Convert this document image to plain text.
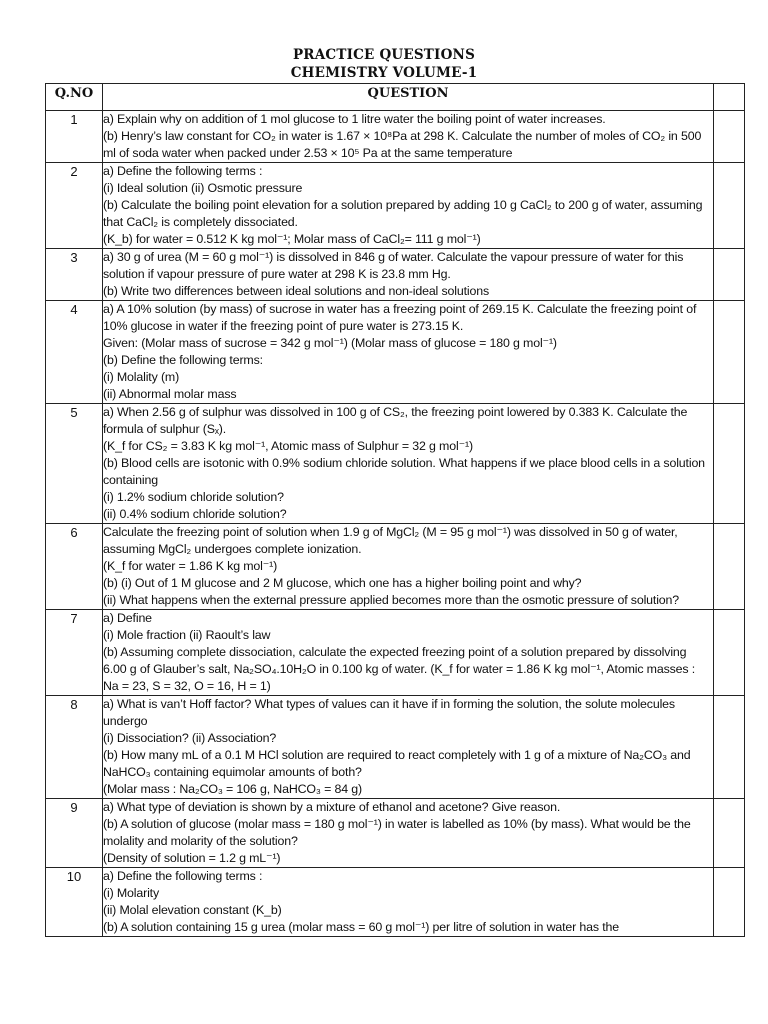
PRACTICE QUESTIONS
CHEMISTRY VOLUME-1
Q.NO	QUESTION	
1	a) Explain why on addition of 1 mol glucose to 1 litre water the boiling point of water increases.
(b) Henry’s law constant for CO₂ in water is 1.67 × 10⁸Pa at 298 K. Calculate the number of moles of CO₂ in 500 ml of soda water when packed under 2.53 × 10⁵ Pa at the same temperature	

2	a) Define the following terms :
(i) Ideal solution (ii) Osmotic pressure
(b) Calculate the boiling point elevation for a solution prepared by adding 10 g CaCl₂ to 200 g of water, assuming that CaCl₂ is completely dissociated.
(K_b) for water = 0.512 K kg mol⁻¹; Molar mass of CaCl₂= 111 g mol⁻¹)	

3	a) 30 g of urea (M = 60 g mol⁻¹) is dissolved in 846 g of water. Calculate the vapour pressure of water for this solution if vapour pressure of pure water at 298 K is 23.8 mm Hg.
(b) Write two differences between ideal solutions and non-ideal solutions	

4	a) A 10% solution (by mass) of sucrose in water has a freezing point of 269.15 K. Calculate the freezing point of 10% glucose in water if the freezing point of pure water is 273.15 K.
Given: (Molar mass of sucrose = 342 g mol⁻¹) (Molar mass of glucose = 180 g mol⁻¹)
(b) Define the following terms:
(i) Molality (m)
(ii) Abnormal molar mass	

5	a) When 2.56 g of sulphur was dissolved in 100 g of CS₂, the freezing point lowered by 0.383 K. Calculate the formula of sulphur (Sₓ).
(K_f for CS₂ = 3.83 K kg mol⁻¹, Atomic mass of Sulphur = 32 g mol⁻¹)
(b) Blood cells are isotonic with 0.9% sodium chloride solution. What happens if we place blood cells in a solution containing
(i) 1.2% sodium chloride solution?
(ii) 0.4% sodium chloride solution?	

6	Calculate the freezing point of solution when 1.9 g of MgCl₂ (M = 95 g mol⁻¹) was dissolved in 50 g of water, assuming MgCl₂ undergoes complete ionization.
(K_f for water = 1.86 K kg mol⁻¹)
(b) (i) Out of 1 M glucose and 2 M glucose, which one has a higher boiling point and why?
(ii) What happens when the external pressure applied becomes more than the osmotic pressure of solution?	

7	a) Define
(i) Mole fraction (ii) Raoult’s law
(b) Assuming complete dissociation, calculate the expected freezing point of a solution prepared by dissolving 6.00 g of Glauber’s salt, Na₂SO₄.10H₂O in 0.100 kg of water. (K_f for water = 1.86 K kg mol⁻¹, Atomic masses : Na = 23, S = 32, O = 16, H = 1)	

8	a) What is van’t Hoff factor? What types of values can it have if in forming the solution, the solute molecules undergo
(i) Dissociation? (ii) Association?
(b) How many mL of a 0.1 M HCl solution are required to react completely with 1 g of a mixture of Na₂CO₃ and NaHCO₃ containing equimolar amounts of both?
(Molar mass : Na₂CO₃ = 106 g, NaHCO₃ = 84 g)	

9	a) What type of deviation is shown by a mixture of ethanol and acetone? Give reason.
(b) A solution of glucose (molar mass = 180 g mol⁻¹) in water is labelled as 10% (by mass). What would be the molality and molarity of the solution?
(Density of solution = 1.2 g mL⁻¹)	

10	a) Define the following terms :
(i) Molarity
(ii) Molal elevation constant (K_b)
(b) A solution containing 15 g urea (molar mass = 60 g mol⁻¹) per litre of solution in water has the	
